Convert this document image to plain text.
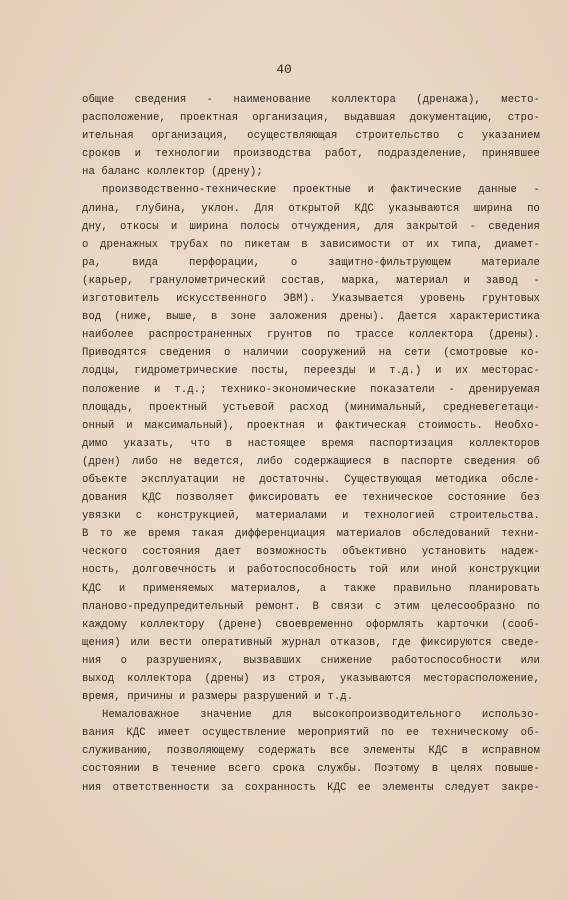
40
общие сведения - наименование коллектора (дренажа), место-
расположение, проектная организация, выдавшая документацию, стро-
ительная организация, осуществляющая строительство с указанием
сроков и технологии производства работ, подразделение, принявшее
на баланс коллектор (дрену);
производственно-технические проектные и фактические данные -
длина, глубина, уклон. Для открытой КДС указываются ширина по
дну, откосы и ширина полосы отчуждения, для закрытой - сведения
о дренажных трубах по пикетам в зависимости от их типа, диамет-
ра, вида перфорации, о защитно-фильтрующем материале
(карьер, гранулометрический состав, марка, материал и завод -
изготовитель искусственного ЭВМ). Указывается уровень грунтовых
вод (ниже, выше, в зоне заложения дрены). Дается характеристика
наиболее распространенных грунтов по трассе коллектора (дрены).
Приводятся сведения о наличии сооружений на сети (смотровые ко-
лодцы, гидрометрические посты, переезды и т.д.) и их месторас-
положение и т.д.; технико-экономические показатели - дренируемая
площадь, проектный устьевой расход (минимальный, средневегетаци-
онный и максимальный), проектная и фактическая стоимость. Необхо-
димо указать, что в настоящее время паспортизация коллекторов
(дрен) либо не ведется, либо содержащиеся в паспорте сведения об
объекте эксплуатации не достаточны. Существующая методика обсле-
дования КДС позволяет фиксировать ее техническое состояние без
увязки с конструкцией, материалами и технологией строительства.
В то же время такая дифференциация материалов обследований техни-
ческого состояния дает возможность объективно установить надеж-
ность, долговечность и работоспособность той или иной конструкции
КДС и применяемых материалов, а также правильно планировать
планово-предупредительный ремонт. В связи с этим целесообразно по
каждому коллектору (дрене) своевременно оформлять карточки (сооб-
щения) или вести оперативный журнал отказов, где фиксируются сведе-
ния о разрушениях, вызвавших снижение работоспособности или
выход коллектора (дрены) из строя, указываются месторасположение,
время, причины и размеры разрушений и т.д.
Немаловажное значение для высокопроизводительного использо-
вания КДС имеет осуществление мероприятий по ее техническому об-
служиванию, позволяющему содержать все элементы КДС в исправном
состоянии в течение всего срока службы. Поэтому в целях повыше-
ния ответственности за сохранность КДС ее элементы следует закре-
